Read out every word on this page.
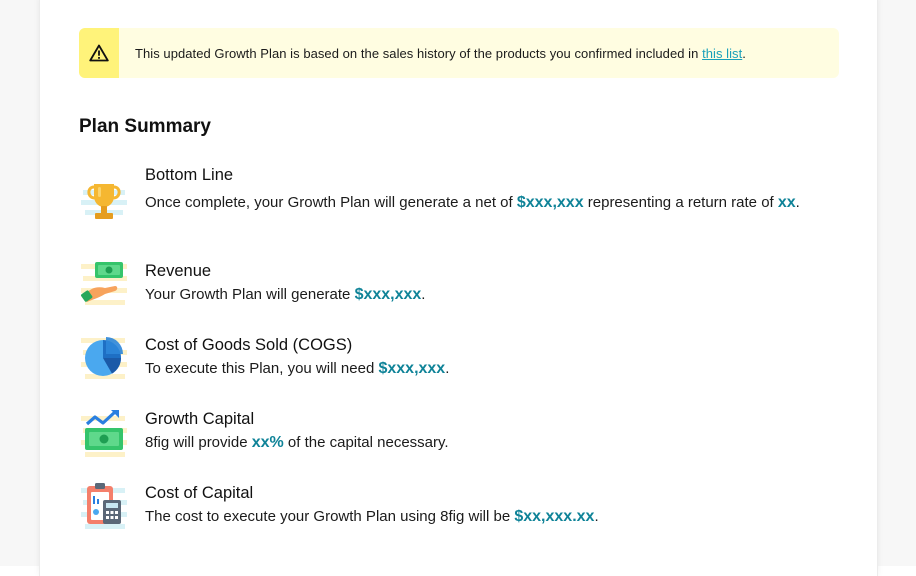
This updated Growth Plan is based on the sales history of the products you confirmed included in this list.
Plan Summary
Bottom Line
Once complete, your Growth Plan will generate a net of $xxx,xxx representing a return rate of xx.
Revenue
Your Growth Plan will generate $xxx,xxx.
Cost of Goods Sold (COGS)
To execute this Plan, you will need $xxx,xxx.
Growth Capital
8fig will provide xx% of the capital necessary.
Cost of Capital
The cost to execute your Growth Plan using 8fig will be $xx,xxx.xx.
